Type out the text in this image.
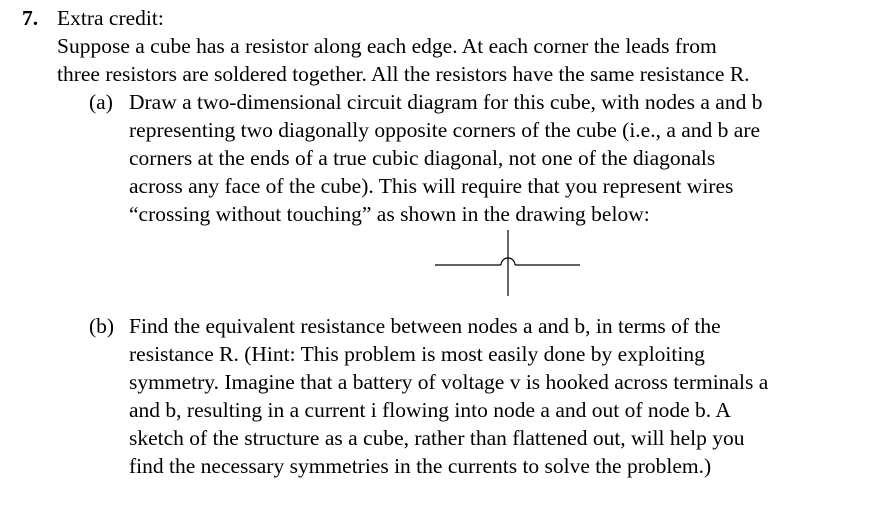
7. Extra credit:

Suppose a cube has a resistor along each edge. At each corner the leads from

three resistors are soldered together. All the resistors have the same resistance R.

(a) Draw a two-dimensional circuit diagram for this cube, with nodes a and b

representing two diagonally opposite corners of the cube (i.e., a and b are

corners at the ends of a true cubic diagonal, not one of the diagonals

across any face of the cube). This will require that you represent wires

“crossing without touching” as shown in the drawing below:

(b) Find the equivalent resistance between nodes a and b, in terms of the

resistance R. (Hint: This problem is most easily done by exploiting

symmetry. Imagine that a battery of voltage v is hooked across terminals a

and b, resulting in a current i flowing into node a and out of node b. A

sketch of the structure as a cube, rather than flattened out, will help you

find the necessary symmetries in the currents to solve the problem.)
